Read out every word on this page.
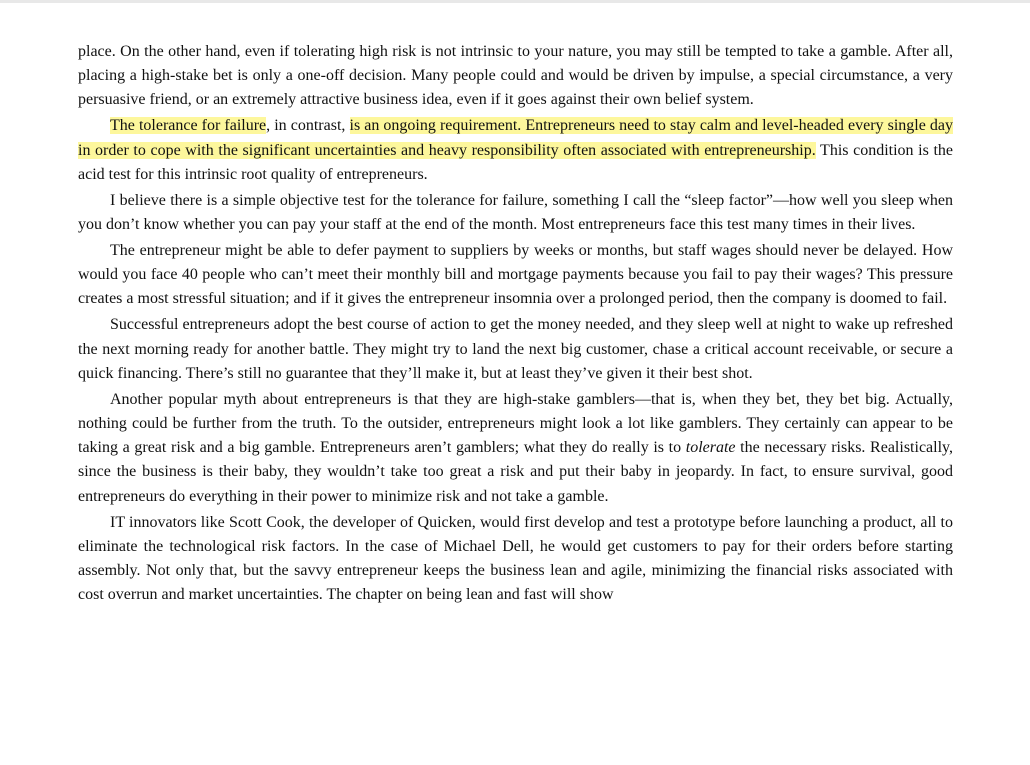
place. On the other hand, even if tolerating high risk is not intrinsic to your nature, you may still be tempted to take a gamble. After all, placing a high-stake bet is only a one-off decision. Many people could and would be driven by impulse, a special circumstance, a very persuasive friend, or an extremely attractive business idea, even if it goes against their own belief system.

The tolerance for failure, in contrast, is an ongoing requirement. Entrepreneurs need to stay calm and level-headed every single day in order to cope with the significant uncertainties and heavy responsibility often associated with entrepreneurship. This condition is the acid test for this intrinsic root quality of entrepreneurs.

I believe there is a simple objective test for the tolerance for failure, something I call the “sleep factor”—how well you sleep when you don’t know whether you can pay your staff at the end of the month. Most entrepreneurs face this test many times in their lives.

The entrepreneur might be able to defer payment to suppliers by weeks or months, but staff wages should never be delayed. How would you face 40 people who can’t meet their monthly bill and mortgage payments because you fail to pay their wages? This pressure creates a most stressful situation; and if it gives the entrepreneur insomnia over a prolonged period, then the company is doomed to fail.

Successful entrepreneurs adopt the best course of action to get the money needed, and they sleep well at night to wake up refreshed the next morning ready for another battle. They might try to land the next big customer, chase a critical account receivable, or secure a quick financing. There’s still no guarantee that they’ll make it, but at least they’ve given it their best shot.

Another popular myth about entrepreneurs is that they are high-stake gamblers—that is, when they bet, they bet big. Actually, nothing could be further from the truth. To the outsider, entrepreneurs might look a lot like gamblers. They certainly can appear to be taking a great risk and a big gamble. Entrepreneurs aren’t gamblers; what they do really is to tolerate the necessary risks. Realistically, since the business is their baby, they wouldn’t take too great a risk and put their baby in jeopardy. In fact, to ensure survival, good entrepreneurs do everything in their power to minimize risk and not take a gamble.

IT innovators like Scott Cook, the developer of Quicken, would first develop and test a prototype before launching a product, all to eliminate the technological risk factors. In the case of Michael Dell, he would get customers to pay for their orders before starting assembly. Not only that, but the savvy entrepreneur keeps the business lean and agile, minimizing the financial risks associated with cost overrun and market uncertainties. The chapter on being lean and fast will show
